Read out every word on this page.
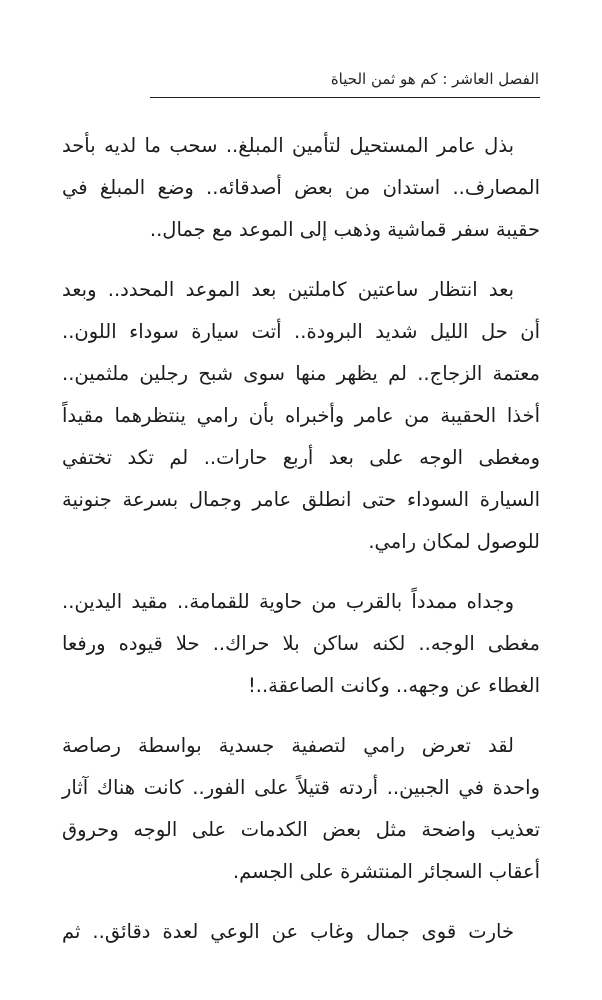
الفصل العاشر : كم هو ثمن الحياة

بذل عامر المستحيل لتأمين المبلغ.. سحب ما لديه بأحد
المصارف.. استدان من بعض أصدقائه.. وضع المبلغ في
حقيبة سفر قماشية وذهب إلى الموعد مع جمال..

بعد انتظار ساعتين كاملتين بعد الموعد المحدد.. وبعد
أن حل الليل شديد البرودة.. أتت سيارة سوداء اللون..
معتمة الزجاج.. لم يظهر منها سوى شبح رجلين ملثمين..
أخذا الحقيبة من عامر وأخبراه بأن رامي ينتظرهما مقيداً
ومغطى الوجه على بعد أربع حارات.. لم تكد تختفي
السيارة السوداء حتى انطلق عامر وجمال بسرعة جنونية
للوصول لمكان رامي.

وجداه ممدداً بالقرب من حاوية للقمامة.. مقيد اليدين..
مغطى الوجه.. لكنه ساكن بلا حراك.. حلا قيوده ورفعا
الغطاء عن وجهه.. وكانت الصاعقة..!

لقد تعرض رامي لتصفية جسدية بواسطة رصاصة
واحدة في الجبين.. أردته قتيلاً على الفور.. كانت هناك آثار
تعذيب واضحة مثل بعض الكدمات على الوجه وحروق
أعقاب السجائر المنتشرة على الجسم.

خارت قوى جمال وغاب عن الوعي لعدة دقائق.. ثم
